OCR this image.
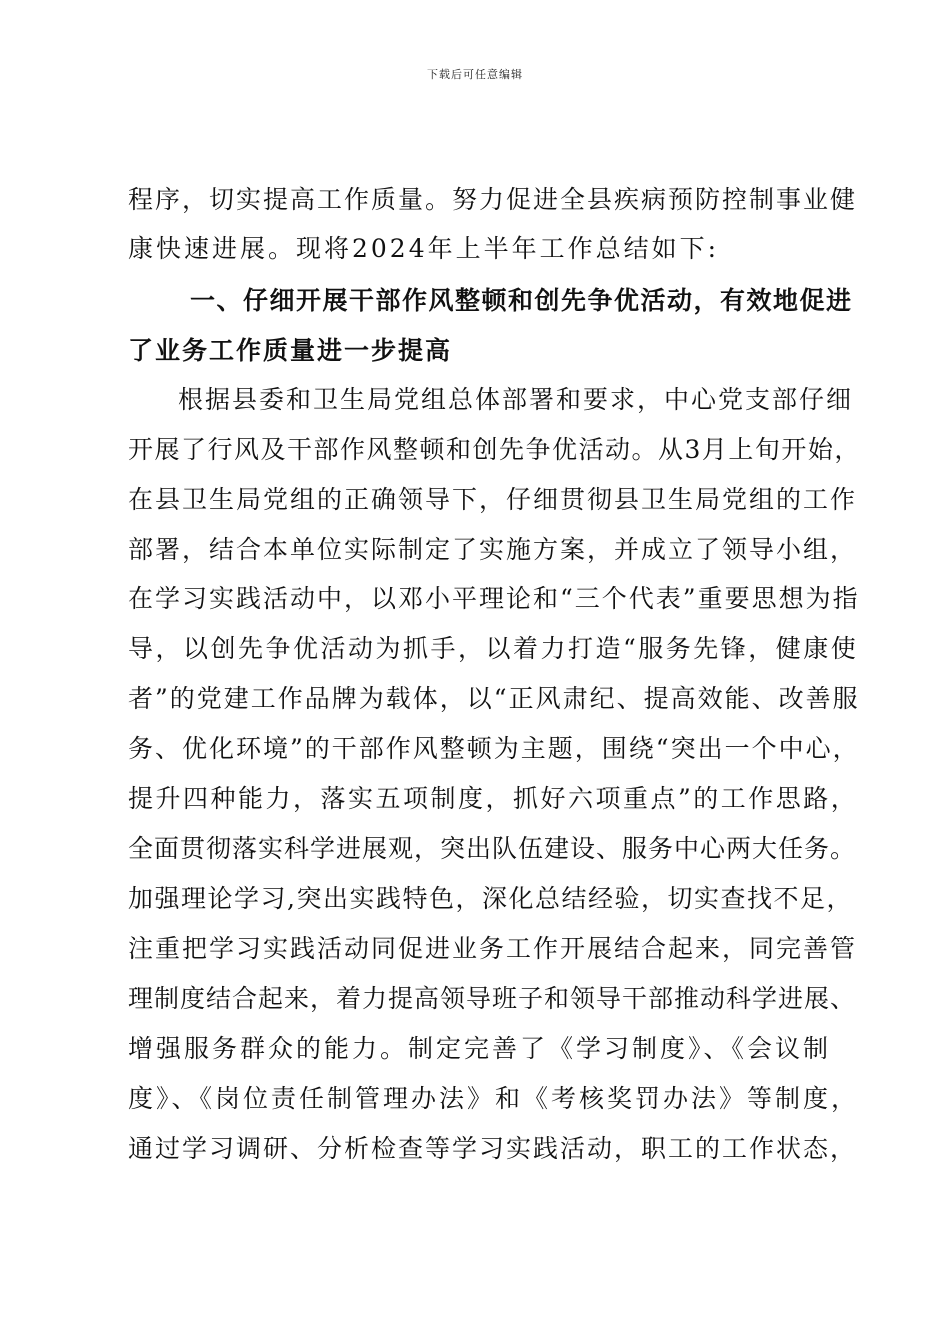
下载后可任意编辑
程序，切实提高工作质量。努力促进全县疾病预防控制事业健
康快速进展。现将2024年上半年工作总结如下:
一、仔细开展干部作风整顿和创先争优活动，有效地促进
了业务工作质量进一步提高
根据县委和卫生局党组总体部署和要求，中心党支部仔细
开展了行风及干部作风整顿和创先争优活动。从3月上旬开始，
在县卫生局党组的正确领导下，仔细贯彻县卫生局党组的工作
部署，结合本单位实际制定了实施方案，并成立了领导小组，
在学习实践活动中，以邓小平理论和“三个代表”重要思想为指
导，以创先争优活动为抓手，以着力打造“服务先锋，健康使
者”的党建工作品牌为载体，以“正风肃纪、提高效能、改善服
务、优化环境”的干部作风整顿为主题，围绕“突出一个中心，
提升四种能力，落实五项制度，抓好六项重点”的工作思路，
全面贯彻落实科学进展观，突出队伍建设、服务中心两大任务。
加强理论学习,突出实践特色，深化总结经验，切实查找不足，
注重把学习实践活动同促进业务工作开展结合起来，同完善管
理制度结合起来，着力提高领导班子和领导干部推动科学进展、
增强服务群众的能力。制定完善了《学习制度》、《会议制
度》、《岗位责任制管理办法》和《考核奖罚办法》等制度，
通过学习调研、分析检查等学习实践活动，职工的工作状态，
